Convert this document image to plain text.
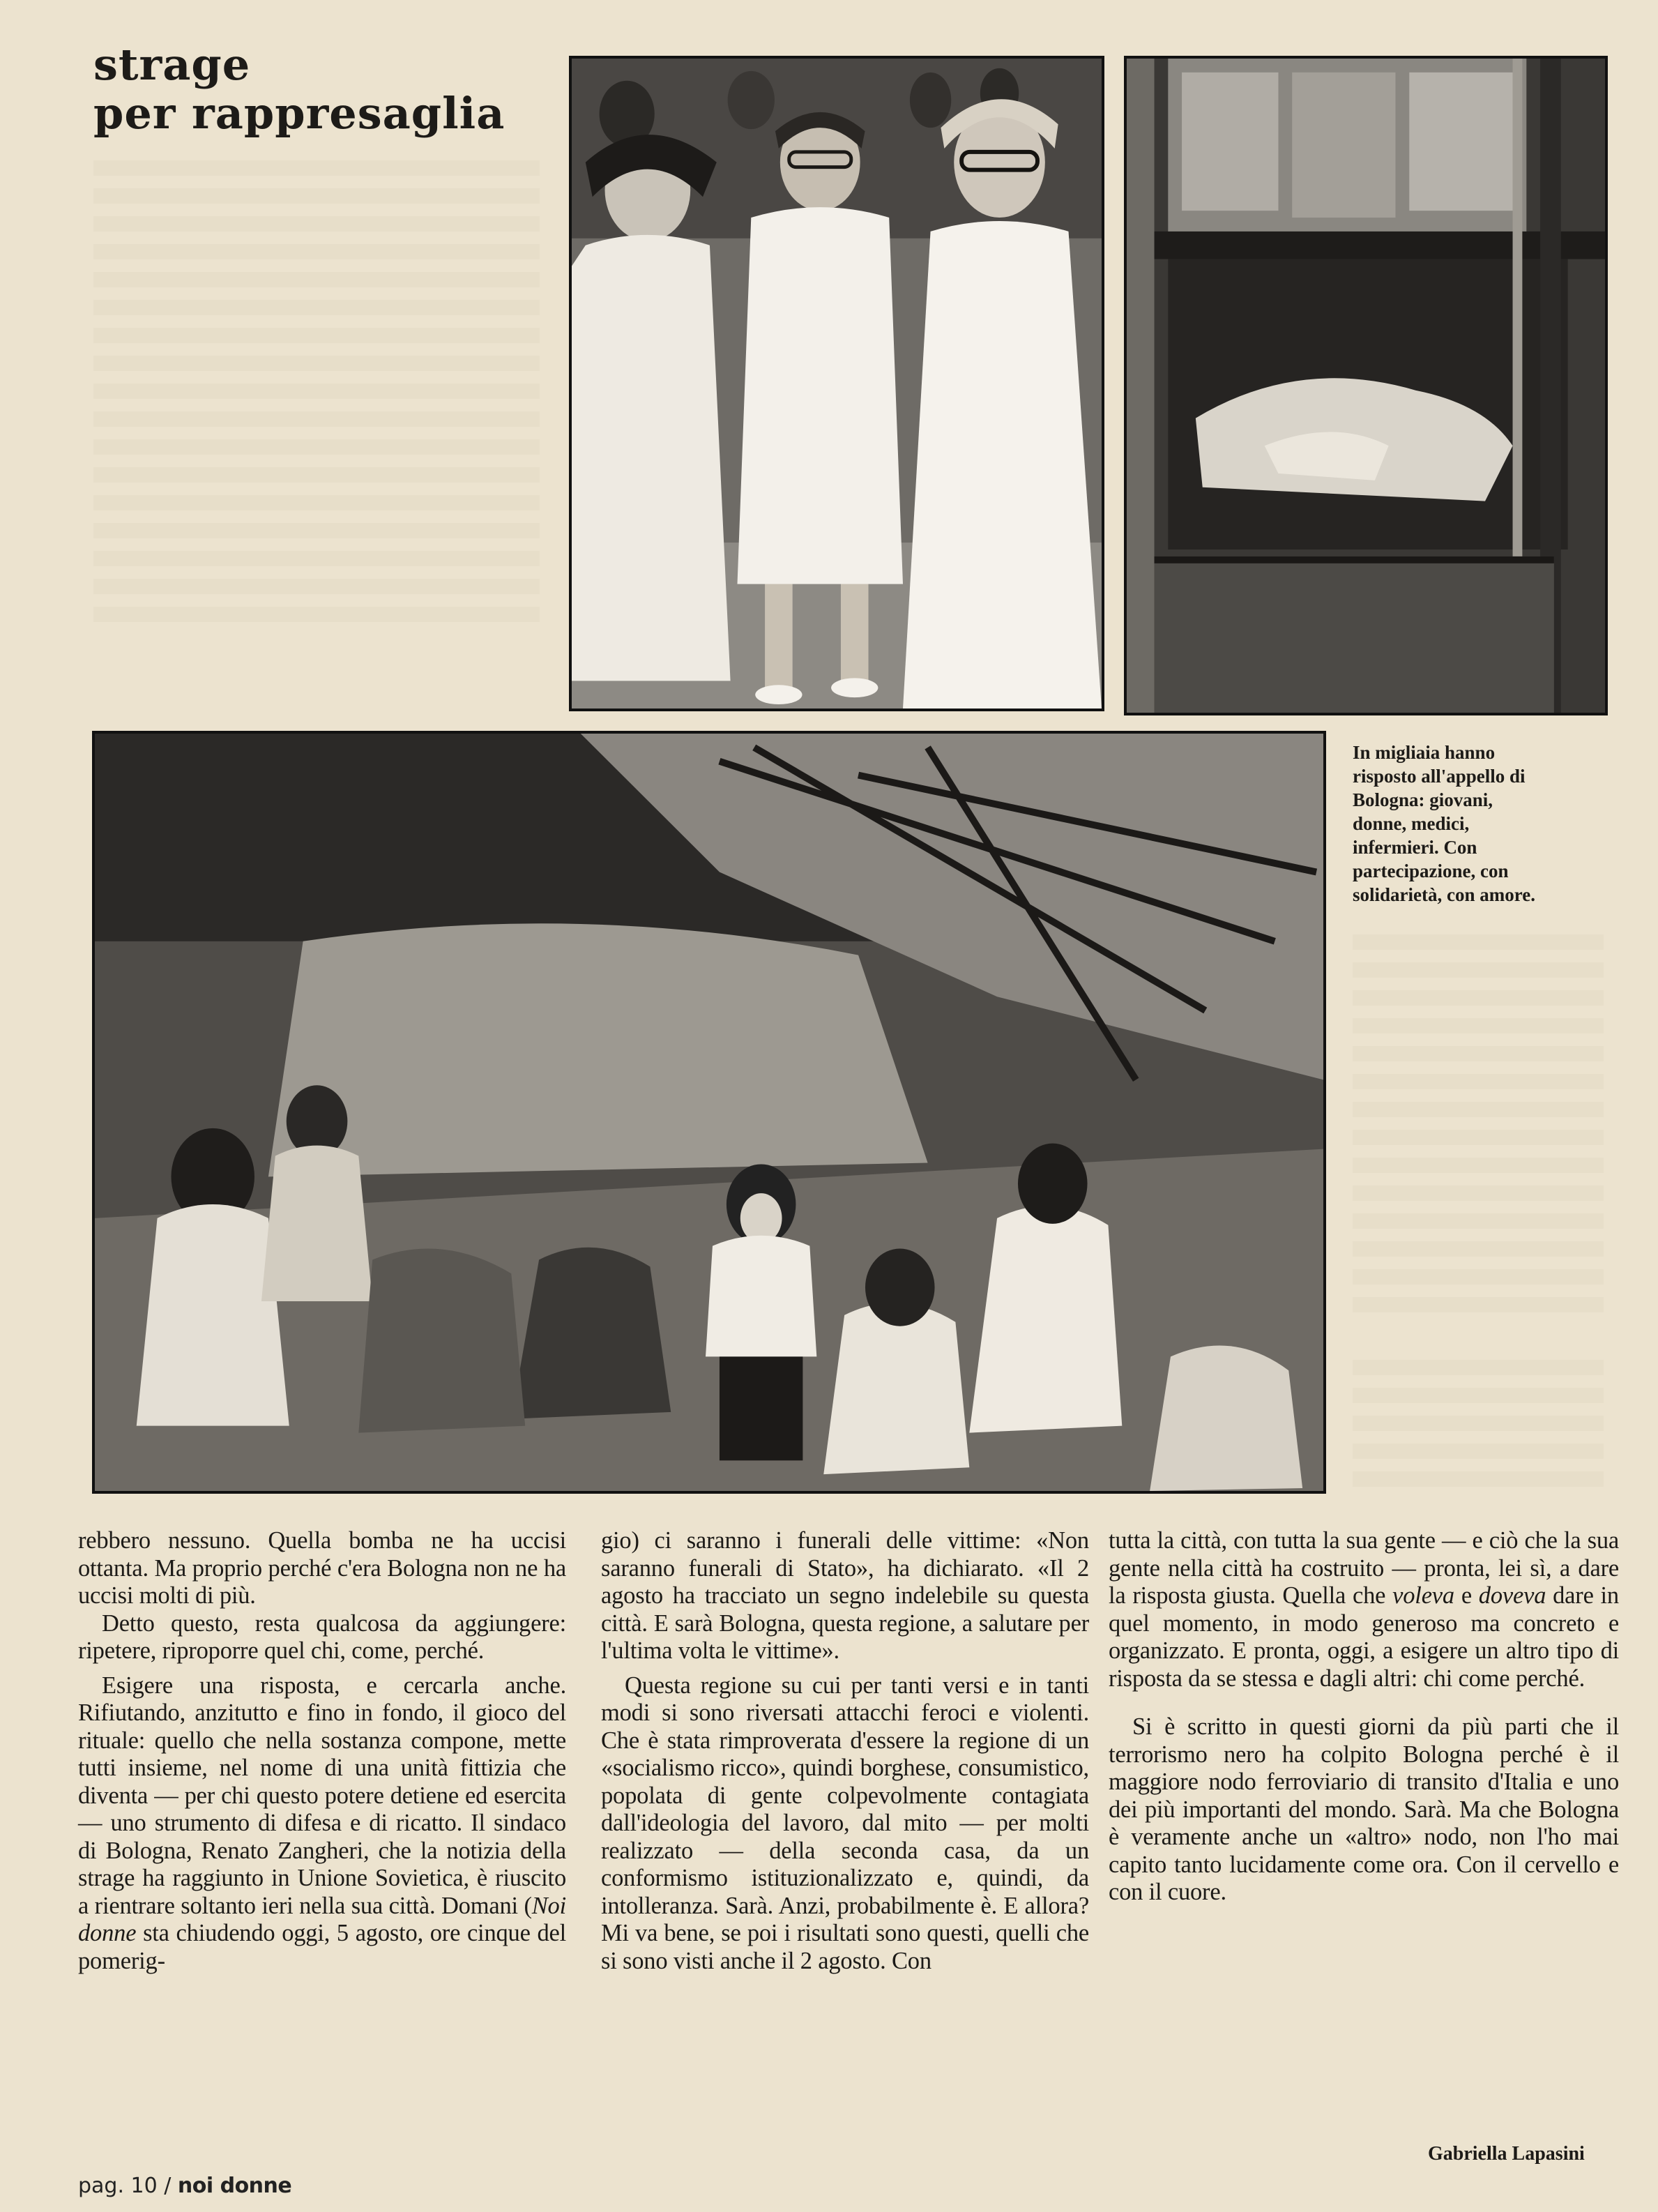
strage
per rappresaglia
In migliaia hanno
risposto all'appello di
Bologna: giovani,
donne, medici,
infermieri. Con
partecipazione, con
solidarietà, con amore.

rebbero nessuno. Quella bomba ne ha uccisi ottanta. Ma proprio perché c'era Bologna non ne ha uccisi molti di più.

Detto questo, resta qualcosa da aggiungere: ripetere, riproporre quel chi, come, perché.

Esigere una risposta, e cercarla anche. Rifiutando, anzitutto e fino in fondo, il gioco del rituale: quello che nella sostanza compone, mette tutti insieme, nel nome di una unità fittizia che diventa — per chi questo potere detiene ed esercita — uno strumento di difesa e di ricatto. Il sindaco di Bologna, Renato Zangheri, che la notizia della strage ha raggiunto in Unione Sovietica, è riuscito a rientrare soltanto ieri nella sua città. Domani (Noi donne sta chiudendo oggi, 5 agosto, ore cinque del pomerig-

gio) ci saranno i funerali delle vittime: «Non saranno funerali di Stato», ha dichiarato. «Il 2 agosto ha tracciato un segno indelebile su questa città. E sarà Bologna, questa regione, a salutare per l'ultima volta le vittime».

Questa regione su cui per tanti versi e in tanti modi si sono riversati attacchi feroci e violenti. Che è stata rimproverata d'essere la regione di un «socialismo ricco», quindi borghese, consumistico, popolata di gente colpevolmente contagiata dall'ideologia del lavoro, dal mito — per molti realizzato — della seconda casa, da un conformismo istituzionalizzato e, quindi, da intolleranza. Sarà. Anzi, probabilmente è. E allora? Mi va bene, se poi i risultati sono questi, quelli che si sono visti anche il 2 agosto. Con

tutta la città, con tutta la sua gente — e ciò che la sua gente nella città ha costruito — pronta, lei sì, a dare la risposta giusta. Quella che voleva e doveva dare in quel momento, in modo generoso ma concreto e organizzato. E pronta, oggi, a esigere un altro tipo di risposta da se stessa e dagli altri: chi come perché.

Si è scritto in questi giorni da più parti che il terrorismo nero ha colpito Bologna perché è il maggiore nodo ferroviario di transito d'Italia e uno dei più importanti del mondo. Sarà. Ma che Bologna è veramente anche un «altro» nodo, non l'ho mai capito tanto lucidamente come ora. Con il cervello e con il cuore.

Gabriella Lapasini
pag. 10 / noi donne
